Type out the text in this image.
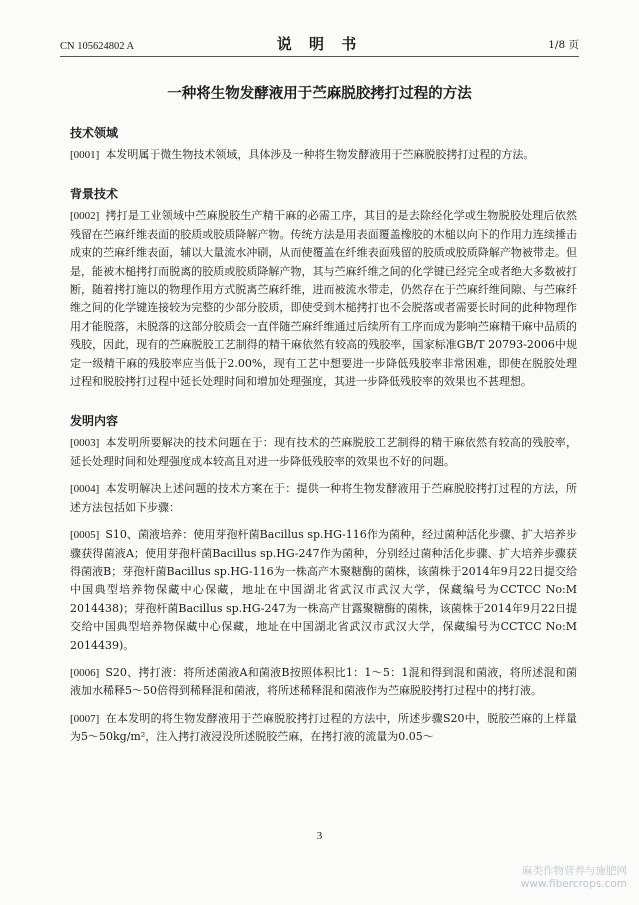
CN 105624802 A	说 明 书	1/8 页
一种将生物发酵液用于苎麻脱胶拷打过程的方法
技术领域
[0001] 本发明属于微生物技术领域，具体涉及一种将生物发酵液用于苎麻脱胶拷打过程的方法。
背景技术
[0002] 拷打是工业领域中苎麻脱胶生产精干麻的必需工序，其目的是去除经化学或生物脱胶处理后依然残留在苎麻纤维表面的胶质或胶质降解产物。传统方法是用表面覆盖橡胶的木槌以向下的作用力连续捶击成束的苎麻纤维表面，辅以大量流水冲刷，从而使覆盖在纤维表面残留的胶质或胶质降解产物被带走。但是，能被木槌拷打而脱离的胶质或胶质降解产物，其与苎麻纤维之间的化学键已经完全或者绝大多数被打断，随着拷打施以的物理作用方式脱离苎麻纤维，进而被流水带走，仍然存在于苎麻纤维间隙、与苎麻纤维之间的化学键连接较为完整的少部分胶质，即使受到木槌拷打也不会脱落或者需要长时间的此种物理作用才能脱落，未脱落的这部分胶质会一直伴随苎麻纤维通过后续所有工序而成为影响苎麻精干麻中品质的残胶，因此，现有的苎麻脱胶工艺制得的精干麻依然有较高的残胶率，国家标准GB/T 20793-2006中规定一级精干麻的残胶率应当低于2.00%，现有工艺中想要进一步降低残胶率非常困难，即使在脱胶处理过程和脱胶拷打过程中延长处理时间和增加处理强度，其进一步降低残胶率的效果也不甚理想。
发明内容
[0003] 本发明所要解决的技术问题在于：现有技术的苎麻脱胶工艺制得的精干麻依然有较高的残胶率，延长处理时间和处理强度成本较高且对进一步降低残胶率的效果也不好的问题。
[0004] 本发明解决上述问题的技术方案在于：提供一种将生物发酵液用于苎麻脱胶拷打过程的方法，所述方法包括如下步骤：
[0005] S10、菌液培养：使用芽孢杆菌Bacillus sp.HG-116作为菌种，经过菌种活化步骤、扩大培养步骤获得菌液A；使用芽孢杆菌Bacillus sp.HG-247作为菌种，分别经过菌种活化步骤、扩大培养步骤获得菌液B；芽孢杆菌Bacillus sp.HG-116为一株高产木聚糖酶的菌株，该菌株于2014年9月22日提交给中国典型培养物保藏中心保藏，地址在中国湖北省武汉市武汉大学，保藏编号为CCTCC No:M 2014438)；芽孢杆菌Bacillus sp.HG-247为一株高产甘露聚糖酶的菌株，该菌株于2014年9月22日提交给中国典型培养物保藏中心保藏，地址在中国湖北省武汉市武汉大学，保藏编号为CCTCC No:M 2014439)。
[0006] S20、拷打液：将所述菌液A和菌液B按照体积比1：1～5：1混和得到混和菌液，将所述混和菌液加水稀释5～50倍得到稀释混和菌液，将所述稀释混和菌液作为苎麻脱胶拷打过程中的拷打液。
[0007] 在本发明的将生物发酵液用于苎麻脱胶拷打过程的方法中，所述步骤S20中，脱胶苎麻的上样量为5～50kg/m²，注入拷打液浸没所述脱胶苎麻，在拷打液的流量为0.05～
3
麻类作物营养与施肥网
www.fibercrops.com
